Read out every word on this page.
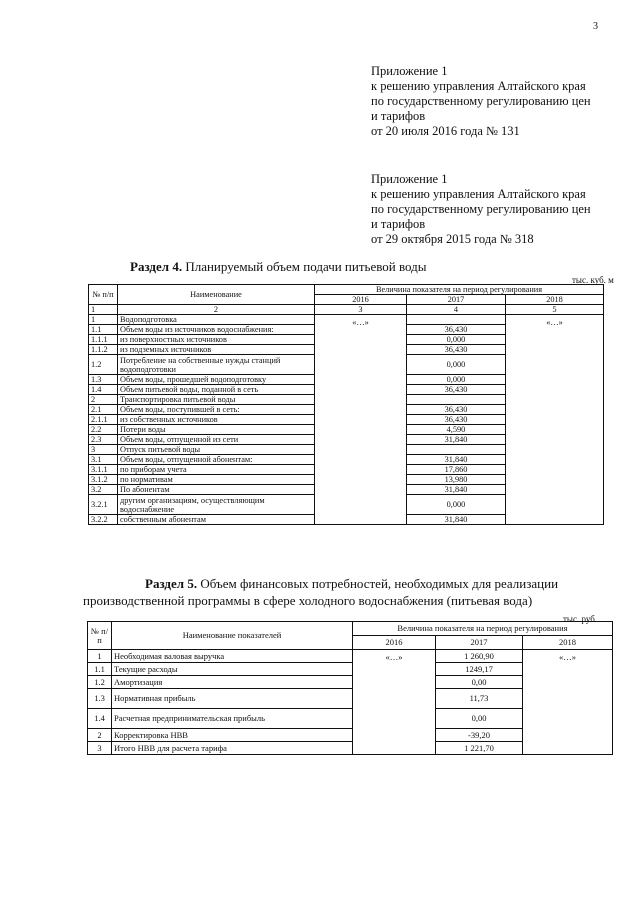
3
Приложение 1
к решению управления Алтайского края
по государственному регулированию цен
и тарифов
от 20 июля 2016 года № 131
Приложение 1
к решению управления Алтайского края
по государственному регулированию цен
и тарифов
от 29 октября 2015 года № 318
Раздел 4. Планируемый объем подачи питьевой воды
тыс. куб. м
№ п/п	Наименование	Величина показателя на период регулирования		
		2016	2017	2018
1	2	3	4	5
1	Водоподготовка	«…»		«…»

1.1	Объем воды из источников водоснабжения:		36,430	
1.1.1	из поверхностных источников		0,000	
1.1.2	из подземных источников		36,430	
1.2	Потребление на собственные нужды станций водоподготовки		0,000	
1.3	Объем воды, прошедшей водоподготовку		0,000	
1.4	Объем питьевой воды, поданной в сеть		36,430	
2	Транспортировка питьевой воды			
2.1	Объем воды, поступившей в сеть:		36,430	
2.1.1	из собственных источников		36,430	
2.2	Потери воды		4,590	
2.3	Объем воды, отпущенной из сети		31,840	
3	Отпуск питьевой воды			
3.1	Объем воды, отпущенной абонентам:		31,840	
3.1.1	по приборам учета		17,860	
3.1.2	по нормативам		13,980	
3.2	По абонентам		31,840	
3.2.1	другим организациям, осуществляющим водоснабжение		0,000	
3.2.2	собственным абонентам		31,840	
Раздел 5. Объем финансовых потребностей, необходимых для реализации производственной программы в сфере холодного водоснабжения (питьевая вода)
тыс. руб.
№ п/п	Наименование показателей	Величина показателя на период регулирования		
		2016	2017	2018
1	Необходимая валовая выручка	«…»	1 260,90	«…»

1.1	Текущие расходы		1249,17	
1.2	Амортизация		0,00	
1.3	Нормативная прибыль		11,73	
1.4	Расчетная предпринимательская прибыль		0,00	
2	Корректировка НВВ		-39,20	
3	Итого НВВ для расчета тарифа		1 221,70	
